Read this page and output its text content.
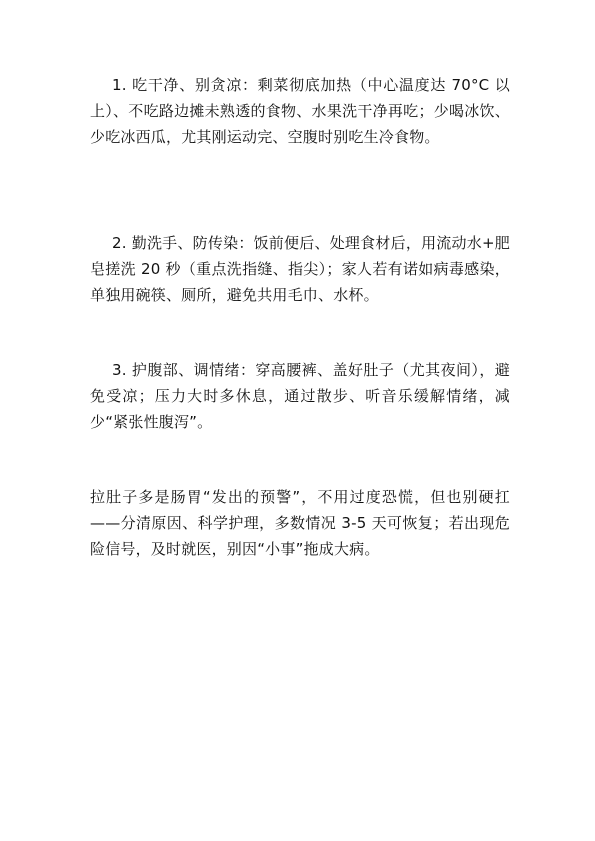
1. 吃干净、别贪凉：剩菜彻底加热（中心温度达 70°C 以上）、不吃路边摊未熟透的食物、水果洗干净再吃；少喝冰饮、少吃冰西瓜，尤其刚运动完、空腹时别吃生冷食物。

2. 勤洗手、防传染：饭前便后、处理食材后，用流动水+肥皂搓洗 20 秒（重点洗指缝、指尖）；家人若有诺如病毒感染，单独用碗筷、厕所，避免共用毛巾、水杯。

3. 护腹部、调情绪：穿高腰裤、盖好肚子（尤其夜间），避免受凉；压力大时多休息，通过散步、听音乐缓解情绪，减少“紧张性腹泻”。

拉肚子多是肠胃“发出的预警”，不用过度恐慌，但也别硬扛——分清原因、科学护理，多数情况 3-5 天可恢复；若出现危险信号，及时就医，别因“小事”拖成大病。
